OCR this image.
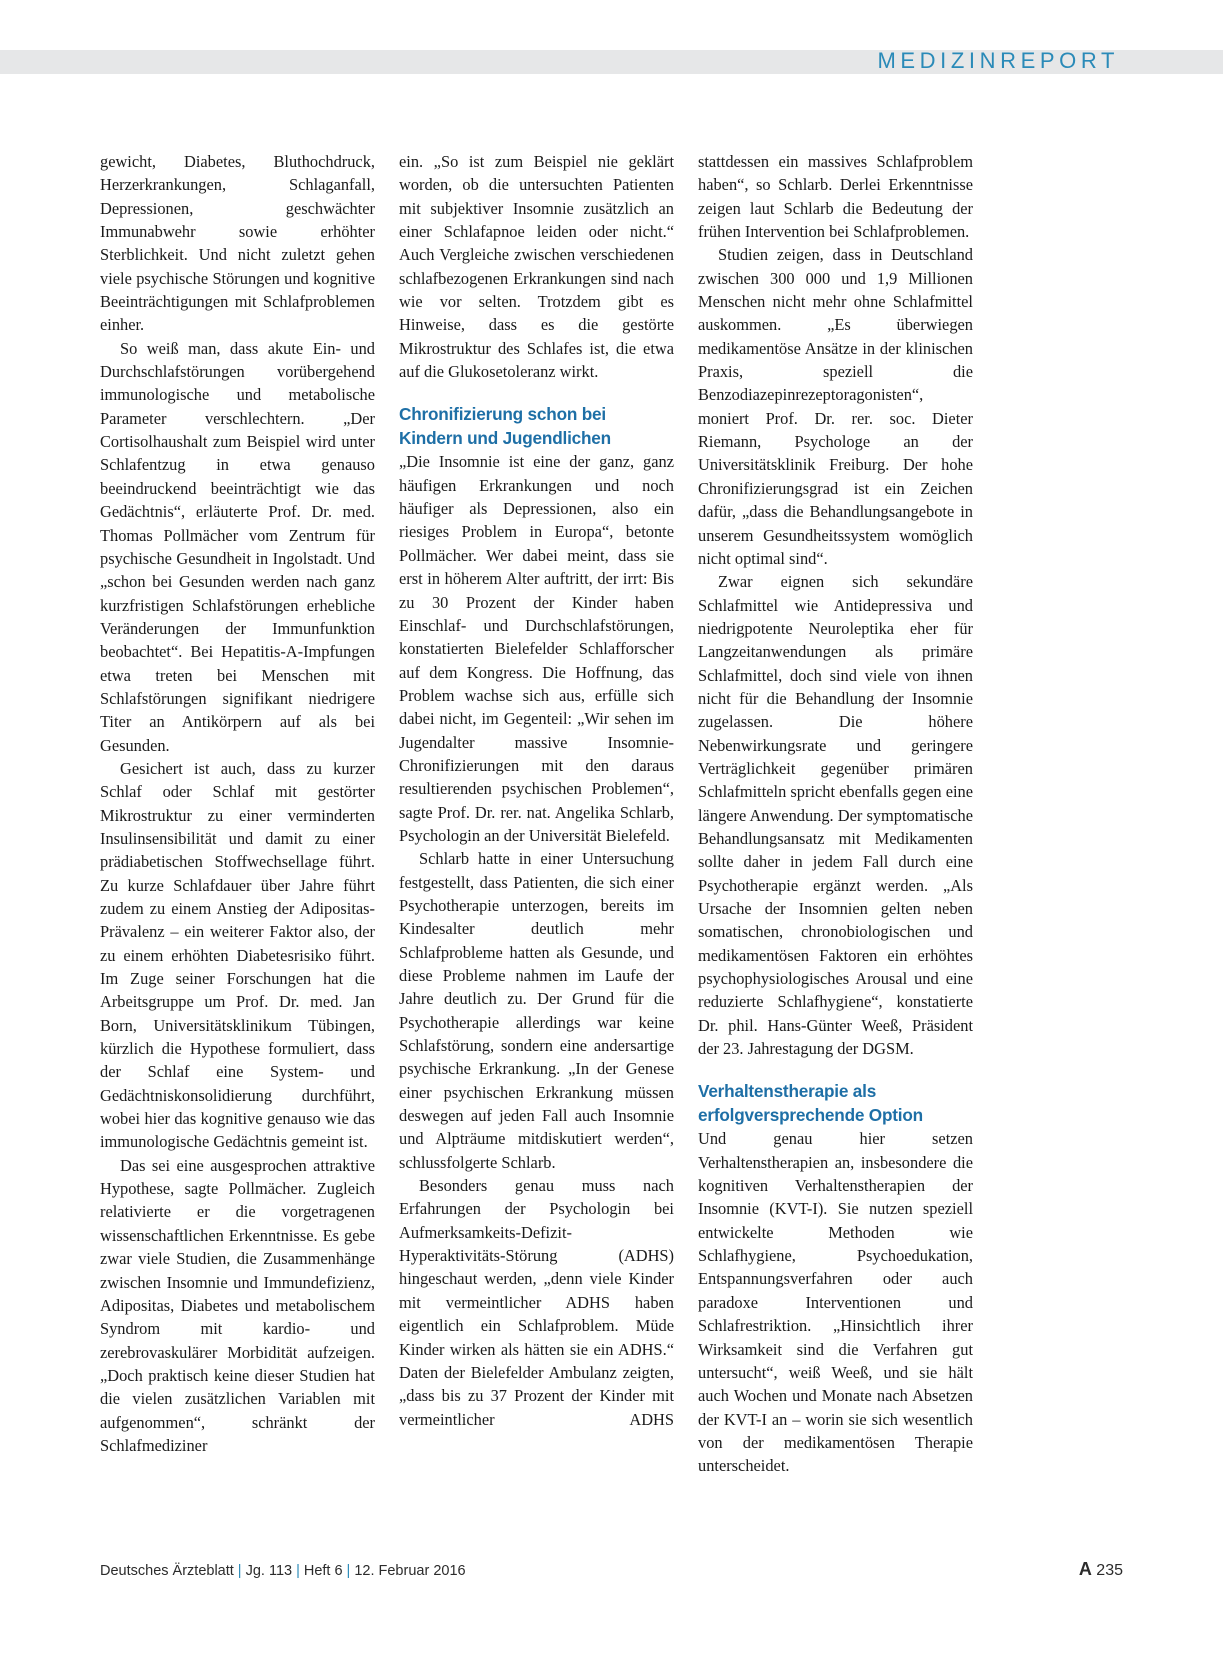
MEDIZINREPORT

gewicht, Diabetes, Bluthochdruck, Herzerkrankungen, Schlaganfall, Depressionen, geschwächter Immunabwehr sowie erhöhter Sterblichkeit. Und nicht zuletzt gehen viele psychische Störungen und kognitive Beeinträchtigungen mit Schlafproblemen einher.

So weiß man, dass akute Ein- und Durchschlafstörungen vorübergehend immunologische und metabolische Parameter verschlechtern. „Der Cortisolhaushalt zum Beispiel wird unter Schlafentzug in etwa genauso beeindruckend beeinträchtigt wie das Gedächtnis“, erläuterte Prof. Dr. med. Thomas Pollmächer vom Zentrum für psychische Gesundheit in Ingolstadt. Und „schon bei Gesunden werden nach ganz kurzfristigen Schlafstörungen erhebliche Veränderungen der Immunfunktion beobachtet“. Bei Hepatitis-A-Impfungen etwa treten bei Menschen mit Schlafstörungen signifikant niedrigere Titer an Antikörpern auf als bei Gesunden.

Gesichert ist auch, dass zu kurzer Schlaf oder Schlaf mit gestörter Mikrostruktur zu einer verminderten Insulinsensibilität und damit zu einer prädiabetischen Stoffwechsellage führt. Zu kurze Schlafdauer über Jahre führt zudem zu einem Anstieg der Adipositas-Prävalenz – ein weiterer Faktor also, der zu einem erhöhten Diabetesrisiko führt. Im Zuge seiner Forschungen hat die Arbeitsgruppe um Prof. Dr. med. Jan Born, Universitätsklinikum Tübingen, kürzlich die Hypothese formuliert, dass der Schlaf eine System- und Gedächtniskonsolidierung durchführt, wobei hier das kognitive genauso wie das immunologische Gedächtnis gemeint ist.

Das sei eine ausgesprochen attraktive Hypothese, sagte Pollmächer. Zugleich relativierte er die vorgetragenen wissenschaftlichen Erkenntnisse. Es gebe zwar viele Studien, die Zusammenhänge zwischen Insomnie und Immundefizienz, Adipositas, Diabetes und metabolischem Syndrom mit kardio- und zerebrovaskulärer Morbidität aufzeigen. „Doch praktisch keine dieser Studien hat die vielen zusätzlichen Variablen mit aufgenommen“, schränkt der Schlafmediziner

ein. „So ist zum Beispiel nie geklärt worden, ob die untersuchten Patienten mit subjektiver Insomnie zusätzlich an einer Schlafapnoe leiden oder nicht.“ Auch Vergleiche zwischen verschiedenen schlafbezogenen Erkrankungen sind nach wie vor selten. Trotzdem gibt es Hinweise, dass es die gestörte Mikrostruktur des Schlafes ist, die etwa auf die Glukosetoleranz wirkt.

Chronifizierung schon bei Kindern und Jugendlichen

„Die Insomnie ist eine der ganz, ganz häufigen Erkrankungen und noch häufiger als Depressionen, also ein riesiges Problem in Europa“, betonte Pollmächer. Wer dabei meint, dass sie erst in höherem Alter auftritt, der irrt: Bis zu 30 Prozent der Kinder haben Einschlaf- und Durchschlafstörungen, konstatierten Bielefelder Schlafforscher auf dem Kongress. Die Hoffnung, das Problem wachse sich aus, erfülle sich dabei nicht, im Gegenteil: „Wir sehen im Jugendalter massive Insomnie-Chronifizierungen mit den daraus resultierenden psychischen Problemen“, sagte Prof. Dr. rer. nat. Angelika Schlarb, Psychologin an der Universität Bielefeld.

Schlarb hatte in einer Untersuchung festgestellt, dass Patienten, die sich einer Psychotherapie unterzogen, bereits im Kindesalter deutlich mehr Schlafprobleme hatten als Gesunde, und diese Probleme nahmen im Laufe der Jahre deutlich zu. Der Grund für die Psychotherapie allerdings war keine Schlafstörung, sondern eine andersartige psychische Erkrankung. „In der Genese einer psychischen Erkrankung müssen deswegen auf jeden Fall auch Insomnie und Alpträume mitdiskutiert werden“, schlussfolgerte Schlarb.

Besonders genau muss nach Erfahrungen der Psychologin bei Aufmerksamkeits-Defizit-Hyperaktivitäts-Störung (ADHS) hingeschaut werden, „denn viele Kinder mit vermeintlicher ADHS haben eigentlich ein Schlafproblem. Müde Kinder wirken als hätten sie ein ADHS.“ Daten der Bielefelder Ambulanz zeigten, „dass bis zu 37 Prozent der Kinder mit vermeintlicher ADHS

stattdessen ein massives Schlafproblem haben“, so Schlarb. Derlei Erkenntnisse zeigen laut Schlarb die Bedeutung der frühen Intervention bei Schlafproblemen.

Studien zeigen, dass in Deutschland zwischen 300 000 und 1,9 Millionen Menschen nicht mehr ohne Schlafmittel auskommen. „Es überwiegen medikamentöse Ansätze in der klinischen Praxis, speziell die Benzodiazepinrezeptoragonisten“, moniert Prof. Dr. rer. soc. Dieter Riemann, Psychologe an der Universitätsklinik Freiburg. Der hohe Chronifizierungsgrad ist ein Zeichen dafür, „dass die Behandlungsangebote in unserem Gesundheitssystem womöglich nicht optimal sind“.

Zwar eignen sich sekundäre Schlafmittel wie Antidepressiva und niedrigpotente Neuroleptika eher für Langzeitanwendungen als primäre Schlafmittel, doch sind viele von ihnen nicht für die Behandlung der Insomnie zugelassen. Die höhere Nebenwirkungsrate und geringere Verträglichkeit gegenüber primären Schlafmitteln spricht ebenfalls gegen eine längere Anwendung. Der symptomatische Behandlungsansatz mit Medikamenten sollte daher in jedem Fall durch eine Psychotherapie ergänzt werden. „Als Ursache der Insomnien gelten neben somatischen, chronobiologischen und medikamentösen Faktoren ein erhöhtes psychophysiologisches Arousal und eine reduzierte Schlafhygiene“, konstatierte Dr. phil. Hans-Günter Weeß, Präsident der 23. Jahrestagung der DGSM.

Verhaltenstherapie als erfolgversprechende Option

Und genau hier setzen Verhaltenstherapien an, insbesondere die kognitiven Verhaltenstherapien der Insomnie (KVT-I). Sie nutzen speziell entwickelte Methoden wie Schlafhygiene, Psychoedukation, Entspannungsverfahren oder auch paradoxe Interventionen und Schlafrestriktion. „Hinsichtlich ihrer Wirksamkeit sind die Verfahren gut untersucht“, weiß Weeß, und sie hält auch Wochen und Monate nach Absetzen der KVT-I an – worin sie sich wesentlich von der medikamentösen Therapie unterscheidet.

Deutsches Ärzteblatt | Jg. 113 | Heft 6 | 12. Februar 2016	A 235
